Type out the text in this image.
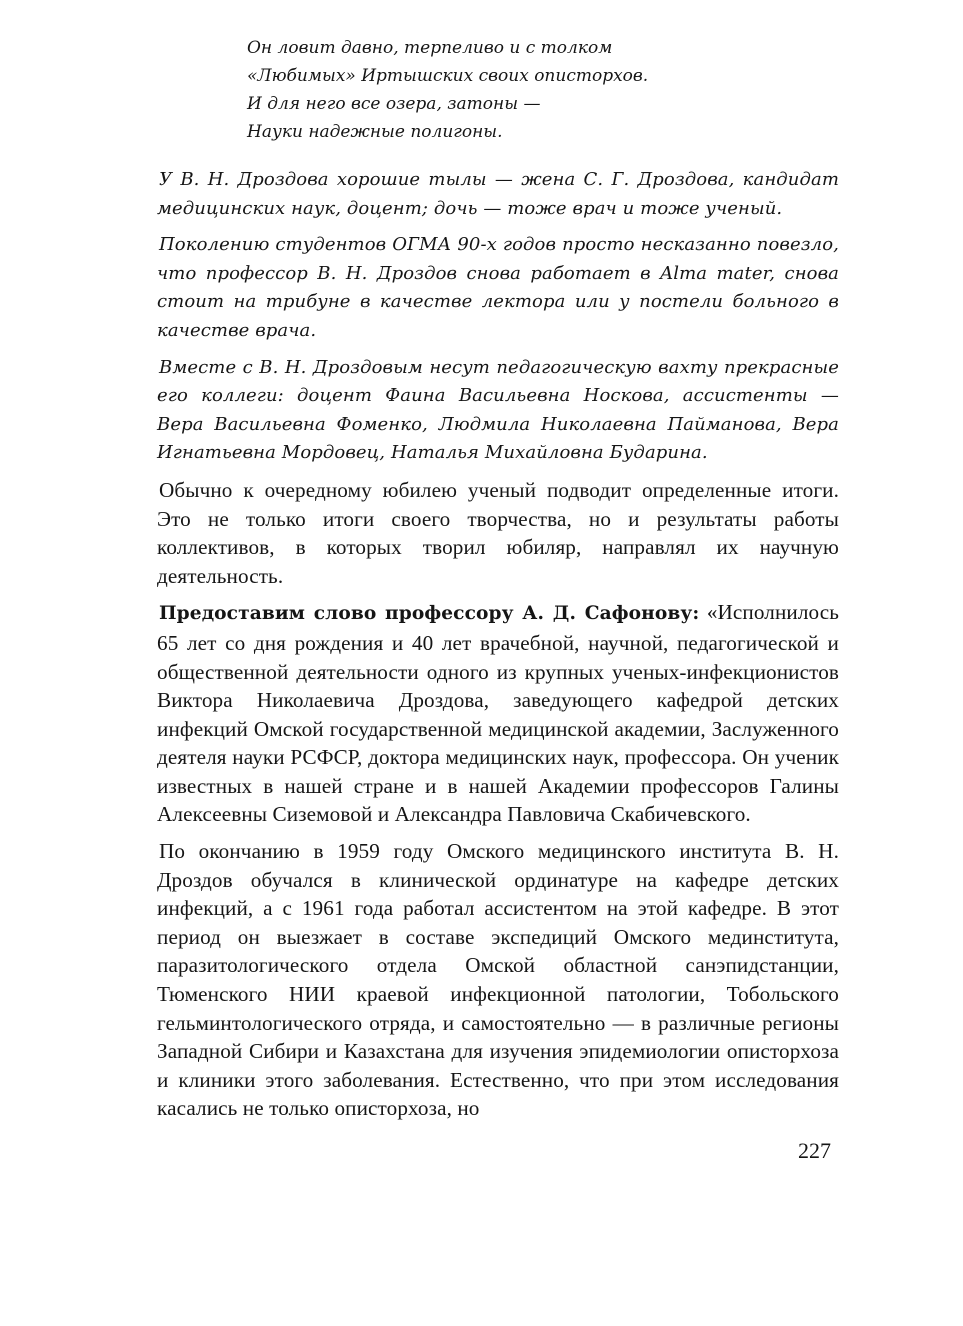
Он ловит давно, терпеливо и с толком
«Любимых» Иртышских своих описторхов.
И для него все озера, затоны —
Науки надежные полигоны.

У В. Н. Дроздова хорошие тылы — жена С. Г. Дроздова, кандидат медицинских наук, доцент; дочь — тоже врач и тоже ученый.

Поколению студентов ОГМА 90-х годов просто несказанно повезло, что профессор В. Н. Дроздов снова работает в Alma mater, снова стоит на трибуне в качестве лектора или у постели больного в качестве врача.

Вместе с В. Н. Дроздовым несут педагогическую вахту прекрасные его коллеги: доцент Фаина Васильевна Носкова, ассистенты — Вера Васильевна Фоменко, Людмила Николаевна Пайманова, Вера Игнатьевна Мордовец, Наталья Михайловна Бударина.

Обычно к очередному юбилею ученый подводит определенные итоги. Это не только итоги своего творчества, но и результаты работы коллективов, в которых творил юбиляр, направлял их научную деятельность.

Предоставим слово профессору А. Д. Сафонову: «Исполнилось 65 лет со дня рождения и 40 лет врачебной, научной, педагогической и общественной деятельности одного из крупных ученых-инфекционистов Виктора Николаевича Дроздова, заведующего кафедрой детских инфекций Омской государственной медицинской академии, Заслуженного деятеля науки РСФСР, доктора медицинских наук, профессора. Он ученик известных в нашей стране и в нашей Академии профессоров Галины Алексеевны Сиземовой и Александра Павловича Скабичевского.

По окончанию в 1959 году Омского медицинского института В. Н. Дроздов обучался в клинической ординатуре на кафедре детских инфекций, а с 1961 года работал ассистентом на этой кафедре. В этот период он выезжает в составе экспедиций Омского мединститута, паразитологического отдела Омской областной санэпидстанции, Тюменского НИИ краевой инфекционной патологии, Тобольского гельминтологического отряда, и самостоятельно — в различные регионы Западной Сибири и Казахстана для изучения эпидемиологии описторхоза и клиники этого заболевания. Естественно, что при этом исследования касались не только описторхоза, но

227
